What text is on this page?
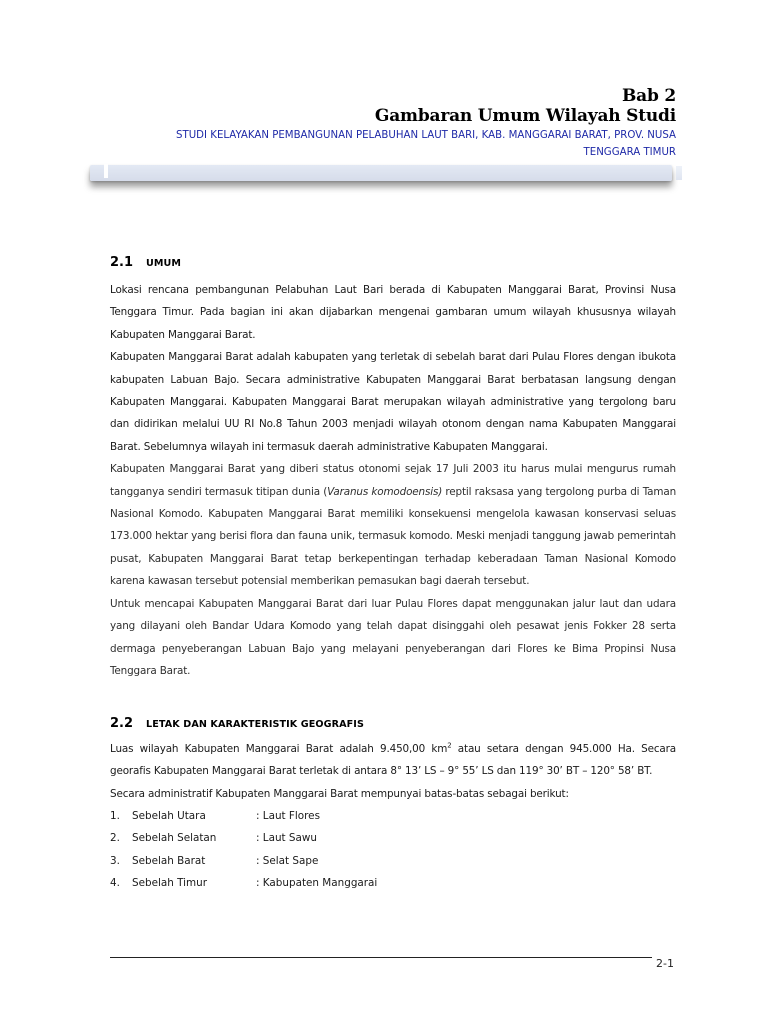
Bab 2
Gambaran Umum Wilayah Studi
STUDI KELAYAKAN PEMBANGUNAN PELABUHAN LAUT BARI, KAB. MANGGARAI BARAT, PROV. NUSA
TENGGARA TIMUR
2.1 UMUM

Lokasi rencana pembangunan Pelabuhan Laut Bari berada di Kabupaten Manggarai Barat, Provinsi Nusa Tenggara Timur. Pada bagian ini akan dijabarkan mengenai gambaran umum wilayah khususnya wilayah Kabupaten Manggarai Barat.

Kabupaten Manggarai Barat adalah kabupaten yang terletak di sebelah barat dari Pulau Flores dengan ibukota kabupaten Labuan Bajo. Secara administrative Kabupaten Manggarai Barat berbatasan langsung dengan Kabupaten Manggarai. Kabupaten Manggarai Barat merupakan wilayah administrative yang tergolong baru dan didirikan melalui UU RI No.8 Tahun 2003 menjadi wilayah otonom dengan nama Kabupaten Manggarai Barat. Sebelumnya wilayah ini termasuk daerah administrative Kabupaten Manggarai.

Kabupaten Manggarai Barat yang diberi status otonomi sejak 17 Juli 2003 itu harus mulai mengurus rumah tangganya sendiri termasuk titipan dunia (Varanus komodoensis) reptil raksasa yang tergolong purba di Taman Nasional Komodo. Kabupaten Manggarai Barat memiliki konsekuensi mengelola kawasan konservasi seluas 173.000 hektar yang berisi flora dan fauna unik, termasuk komodo. Meski menjadi tanggung jawab pemerintah pusat, Kabupaten Manggarai Barat tetap berkepentingan terhadap keberadaan Taman Nasional Komodo karena kawasan tersebut potensial memberikan pemasukan bagi daerah tersebut.

Untuk mencapai Kabupaten Manggarai Barat dari luar Pulau Flores dapat menggunakan jalur laut dan udara yang dilayani oleh Bandar Udara Komodo yang telah dapat disinggahi oleh pesawat jenis Fokker 28 serta dermaga penyeberangan Labuan Bajo yang melayani penyeberangan dari Flores ke Bima Propinsi Nusa Tenggara Barat.

2.2 LETAK DAN KARAKTERISTIK GEOGRAFIS

Luas wilayah Kabupaten Manggarai Barat adalah 9.450,00 $km^2$ atau setara dengan 945.000 Ha. Secara georafis Kabupaten Manggarai Barat terletak di antara 8° 13’ LS – 9° 55’ LS dan 119° 30’ BT – 120° 58’ BT.

Secara administratif Kabupaten Manggarai Barat mempunyai batas-batas sebagai berikut:

1. Sebelah Utara	: Laut Flores
2. Sebelah Selatan	: Laut Sawu
3. Sebelah Barat	: Selat Sape
4. Sebelah Timur	: Kabupaten Manggarai
2-1
